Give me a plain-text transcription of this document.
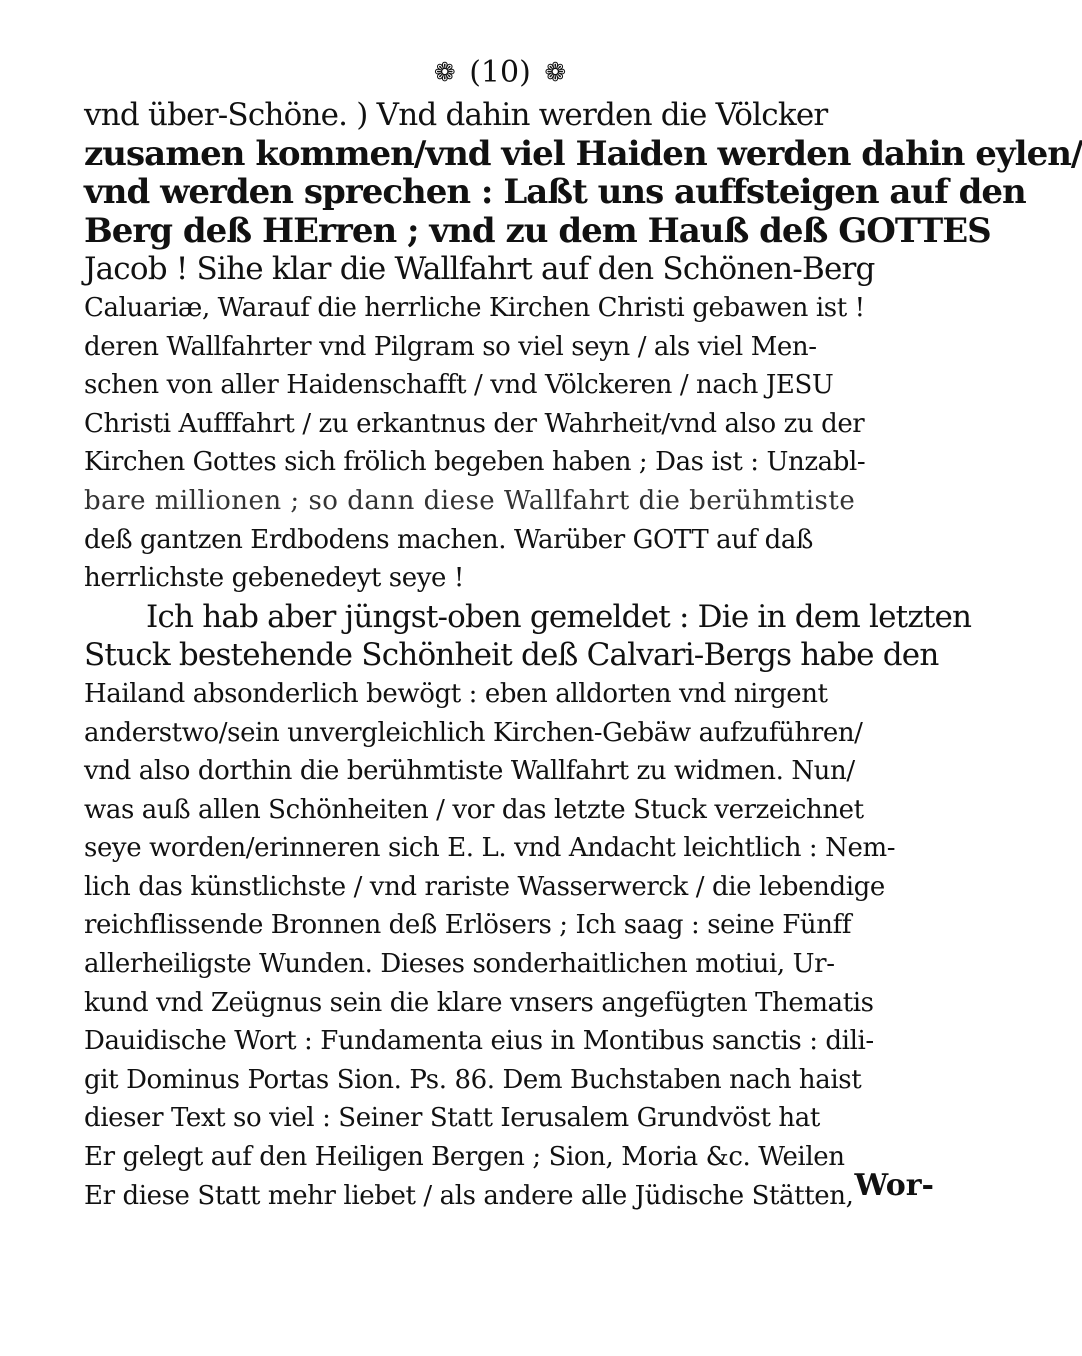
❁ (10) ❁
vnd über-Schöne. ) Vnd dahin werden die Völcker
zusamen kommen/vnd viel Haiden werden dahin eylen/
vnd werden sprechen : Laßt uns auffsteigen auf den
Berg deß HErren ; vnd zu dem Hauß deß GOTTES
Jacob ! Sihe klar die Wallfahrt auf den Schönen-Berg
Caluariæ, Warauf die herrliche Kirchen Christi gebawen ist !
deren Wallfahrter vnd Pilgram so viel seyn / als viel Men-
schen von aller Haidenschafft / vnd Völckeren / nach JESU
Christi Aufffahrt / zu erkantnus der Wahrheit/vnd also zu der
Kirchen Gottes sich frölich begeben haben ; Das ist : Unzabl-
bare millionen ; so dann diese Wallfahrt die berühmtiste
deß gantzen Erdbodens machen. Warüber GOTT auf daß
herrlichste gebenedeyt seye !
Ich hab aber jüngst-oben gemeldet : Die in dem letzten
Stuck bestehende Schönheit deß Calvari-Bergs habe den
Hailand absonderlich bewögt : eben alldorten vnd nirgent
anderstwo/sein unvergleichlich Kirchen-Gebäw aufzuführen/
vnd also dorthin die berühmtiste Wallfahrt zu widmen. Nun/
was auß allen Schönheiten / vor das letzte Stuck verzeichnet
seye worden/erinneren sich E. L. vnd Andacht leichtlich : Nem-
lich das künstlichste / vnd rariste Wasserwerck / die lebendige
reichflissende Bronnen deß Erlösers ; Ich saag : seine Fünff
allerheiligste Wunden. Dieses sonderhaitlichen motiui, Ur-
kund vnd Zeügnus sein die klare vnsers angefügten Thematis
Dauidische Wort : Fundamenta eius in Montibus sanctis : dili-
git Dominus Portas Sion. Ps. 86. Dem Buchstaben nach haist
dieser Text so viel : Seiner Statt Ierusalem Grundvöst hat
Er gelegt auf den Heiligen Bergen ; Sion, Moria &c. Weilen
Er diese Statt mehr liebet / als andere alle Jüdische Stätten, Wor-
